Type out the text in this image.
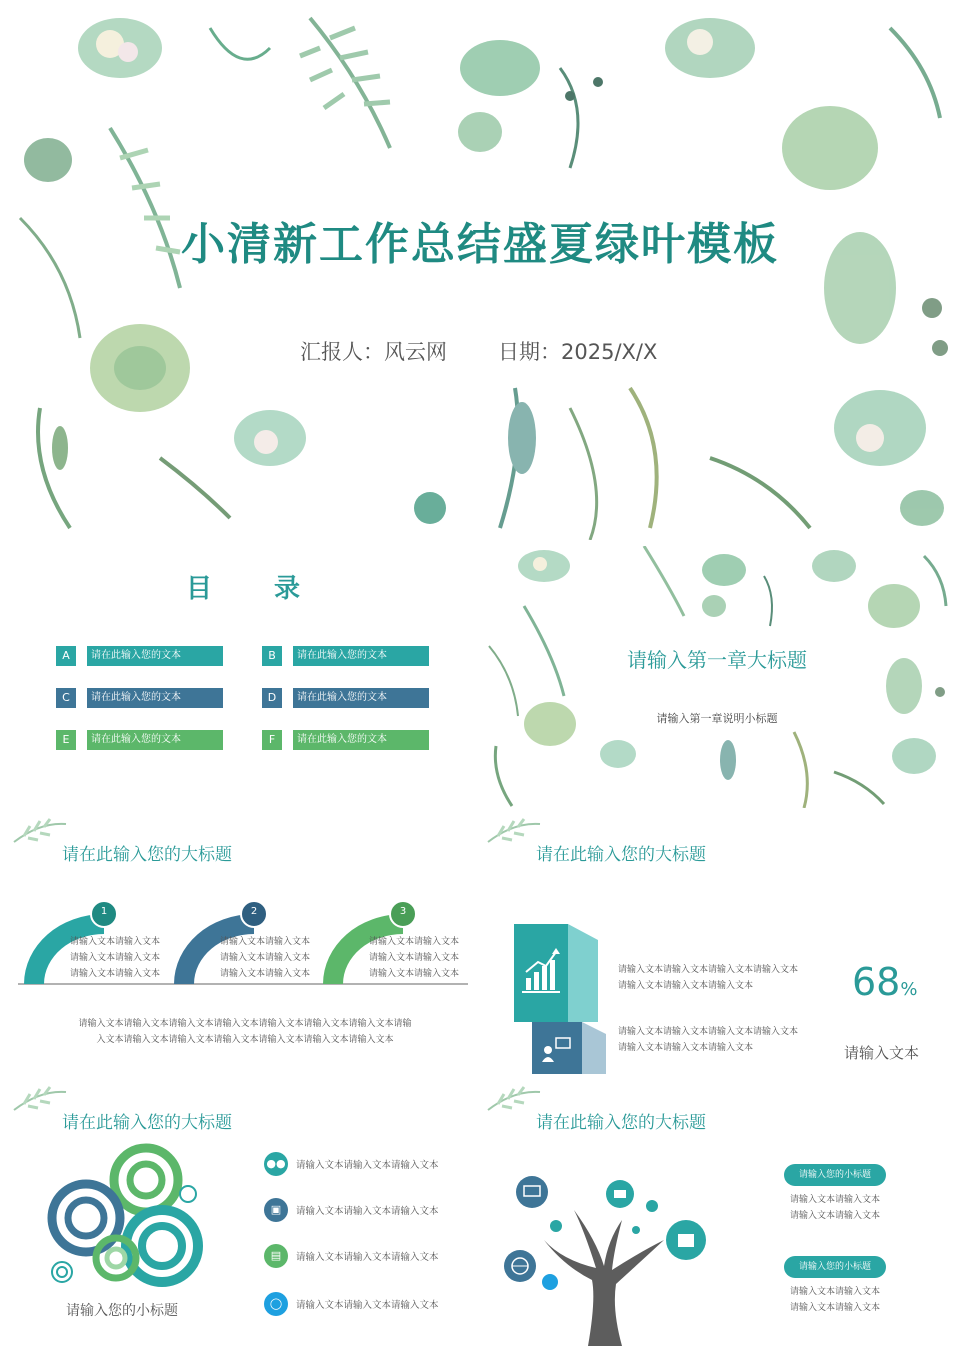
小清新工作总结盛夏绿叶模板
汇报人：风云网 日期：2025/X/X
目 录
A	请在此输入您的文本	B	请在此输入您的文本
C	请在此输入您的文本	D	请在此输入您的文本
E	请在此输入您的文本	F	请在此输入您的文本
请输入第一章大标题
请输入第一章说明小标题
请在此输入您的大标题
1	2	3
请输入文本请输入文本
请输入文本请输入文本
请输入文本请输入文本
请输入文本请输入文本
请输入文本请输入文本
请输入文本请输入文本
请输入文本请输入文本
请输入文本请输入文本
请输入文本请输入文本
请输入文本请输入文本请输入文本请输入文本请输入文本请输入文本请输入文本请输
入文本请输入文本请输入文本请输入文本请输入文本请输入文本请输入文本
请在此输入您的大标题
请输入文本请输入文本请输入文本请输入文本
请输入文本请输入文本请输入文本
请输入文本请输入文本请输入文本请输入文本
请输入文本请输入文本请输入文本
68%
请输入文本
请在此输入您的大标题
请输入您的小标题
●● 请输入文本请输入文本请输入文本
▣	请输入文本请输入文本请输入文本
▤	请输入文本请输入文本请输入文本
◯	请输入文本请输入文本请输入文本
请在此输入您的大标题
请输入您的小标题
请输入文本请输入文本
请输入文本请输入文本
请输入您的小标题
请输入文本请输入文本
请输入文本请输入文本
